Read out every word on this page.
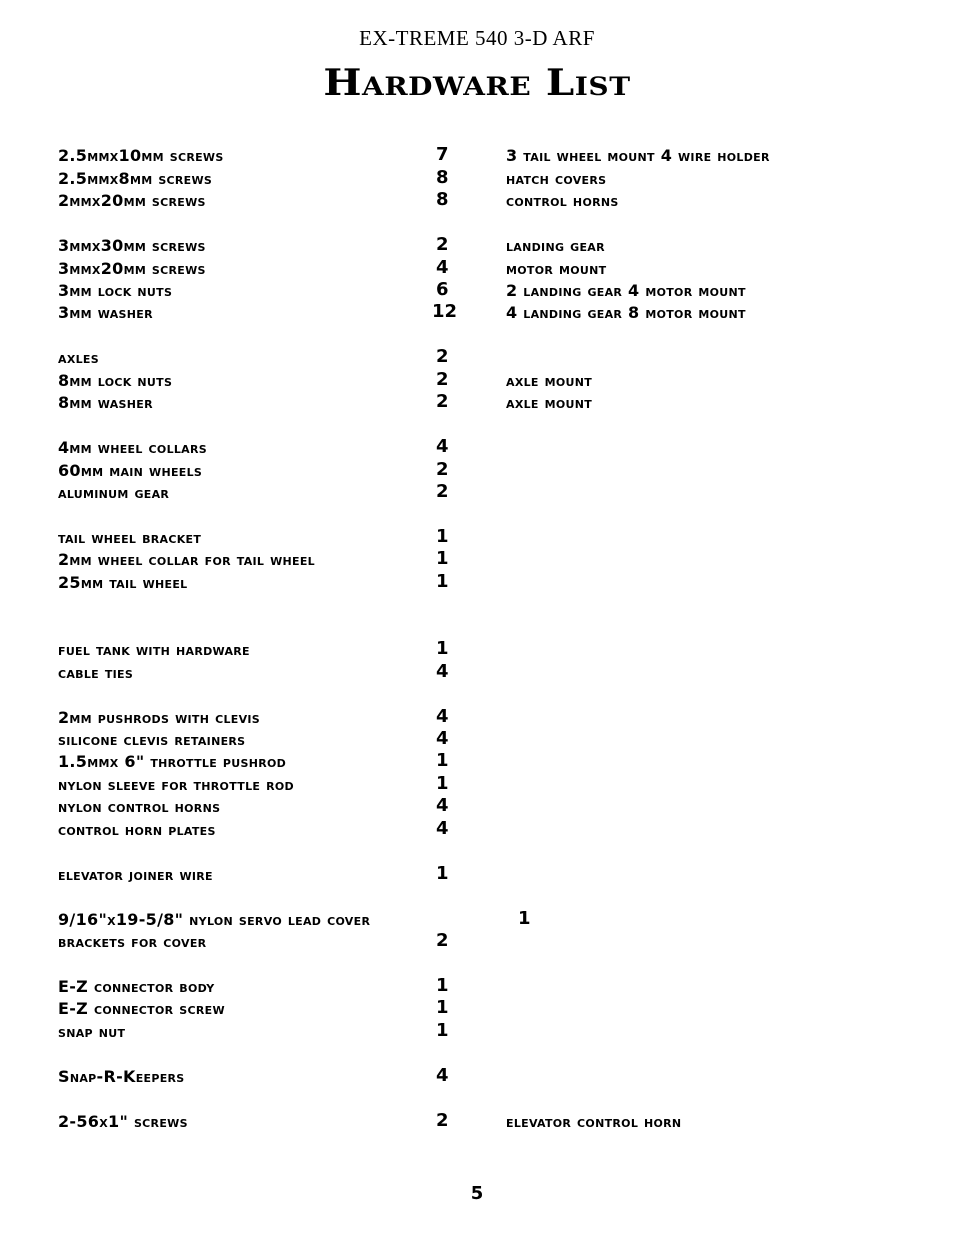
EX-TREME 540 3-D ARF
Hardware List
2.5mmx10mm screws	7	3 tail wheel mount 4 wire holder
2.5mmx8mm screws	8	hatch covers
2mmx20mm screws	8	control horns
3mmx30mm screws	2	landing gear
3mmx20mm screws	4	motor mount
3mm lock nuts	6	2 landing gear 4 motor mount
3mm washer	12	4 landing gear 8 motor mount
axles	2
8mm lock nuts	2	axle mount
8mm washer	2	axle mount
4mm wheel collars	4
60mm main wheels	2
aluminum gear	2
tail wheel bracket	1
2mm wheel collar for tail wheel	1
25mm tail wheel	1
fuel tank with hardware	1
cable ties	4
2mm pushrods with clevis	4
silicone clevis retainers	4
1.5mmx 6" throttle pushrod	1
nylon sleeve for throttle rod	1
nylon control horns	4
control horn plates	4
elevator joiner wire	1
9/16"x19-5/8" nylon servo lead cover	1
brackets for cover	2
E-Z connector body	1
E-Z connector screw	1
snap nut	1
Snap-R-Keepers	4
2-56x1" screws	2	elevator control horn
5
